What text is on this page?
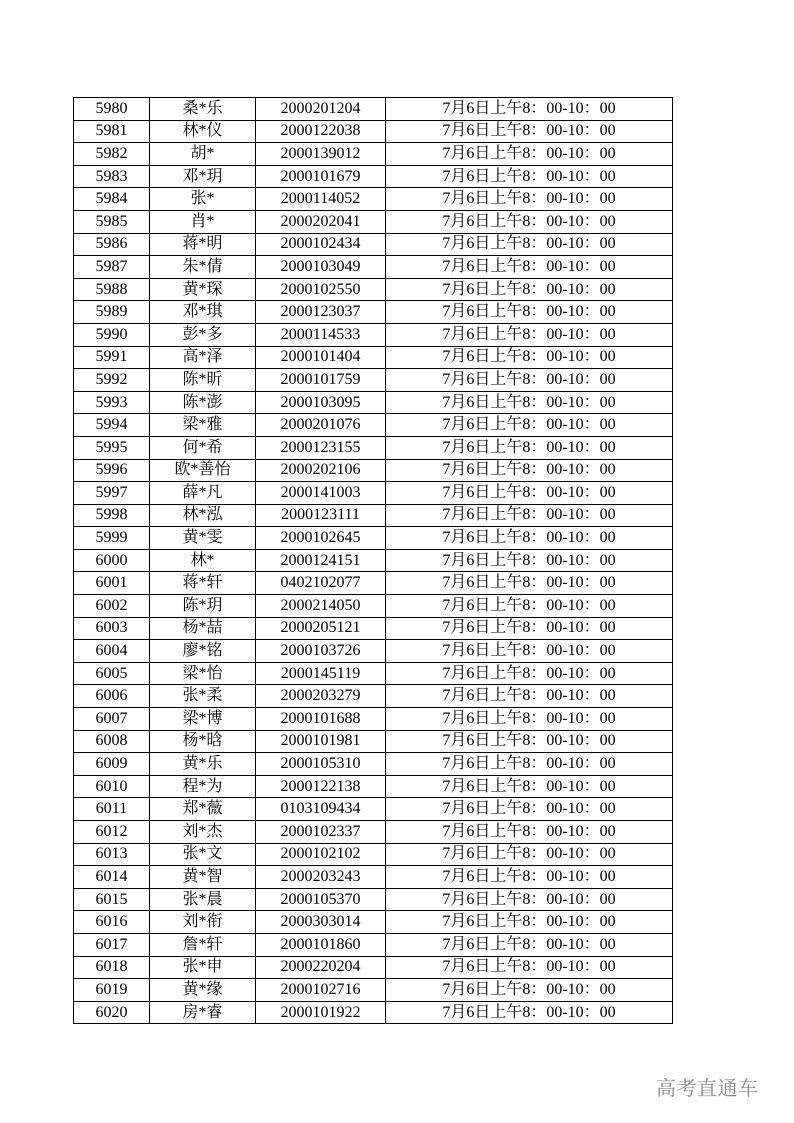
5980	桑*乐	2000201204	7月6日上午8：00-10：00
5981	林*仪	2000122038	7月6日上午8：00-10：00
5982	胡*	2000139012	7月6日上午8：00-10：00
5983	邓*玥	2000101679	7月6日上午8：00-10：00
5984	张*	2000114052	7月6日上午8：00-10：00
5985	肖*	2000202041	7月6日上午8：00-10：00
5986	蒋*明	2000102434	7月6日上午8：00-10：00
5987	朱*倩	2000103049	7月6日上午8：00-10：00
5988	黄*琛	2000102550	7月6日上午8：00-10：00
5989	邓*琪	2000123037	7月6日上午8：00-10：00
5990	彭*多	2000114533	7月6日上午8：00-10：00
5991	高*泽	2000101404	7月6日上午8：00-10：00
5992	陈*昕	2000101759	7月6日上午8：00-10：00
5993	陈*澎	2000103095	7月6日上午8：00-10：00
5994	梁*雅	2000201076	7月6日上午8：00-10：00
5995	何*希	2000123155	7月6日上午8：00-10：00
5996	欧*善怡	2000202106	7月6日上午8：00-10：00
5997	薛*凡	2000141003	7月6日上午8：00-10：00
5998	林*泓	2000123111	7月6日上午8：00-10：00
5999	黄*雯	2000102645	7月6日上午8：00-10：00
6000	林*	2000124151	7月6日上午8：00-10：00
6001	蒋*轩	0402102077	7月6日上午8：00-10：00
6002	陈*玥	2000214050	7月6日上午8：00-10：00
6003	杨*喆	2000205121	7月6日上午8：00-10：00
6004	廖*铭	2000103726	7月6日上午8：00-10：00
6005	梁*怡	2000145119	7月6日上午8：00-10：00
6006	张*柔	2000203279	7月6日上午8：00-10：00
6007	梁*博	2000101688	7月6日上午8：00-10：00
6008	杨*晗	2000101981	7月6日上午8：00-10：00
6009	黄*乐	2000105310	7月6日上午8：00-10：00
6010	程*为	2000122138	7月6日上午8：00-10：00
6011	郑*薇	0103109434	7月6日上午8：00-10：00
6012	刘*杰	2000102337	7月6日上午8：00-10：00
6013	张*文	2000102102	7月6日上午8：00-10：00
6014	黄*智	2000203243	7月6日上午8：00-10：00
6015	张*晨	2000105370	7月6日上午8：00-10：00
6016	刘*衔	2000303014	7月6日上午8：00-10：00
6017	詹*轩	2000101860	7月6日上午8：00-10：00
6018	张*申	2000220204	7月6日上午8：00-10：00
6019	黄*缘	2000102716	7月6日上午8：00-10：00
6020	房*睿	2000101922	7月6日上午8：00-10：00
高考直通车
